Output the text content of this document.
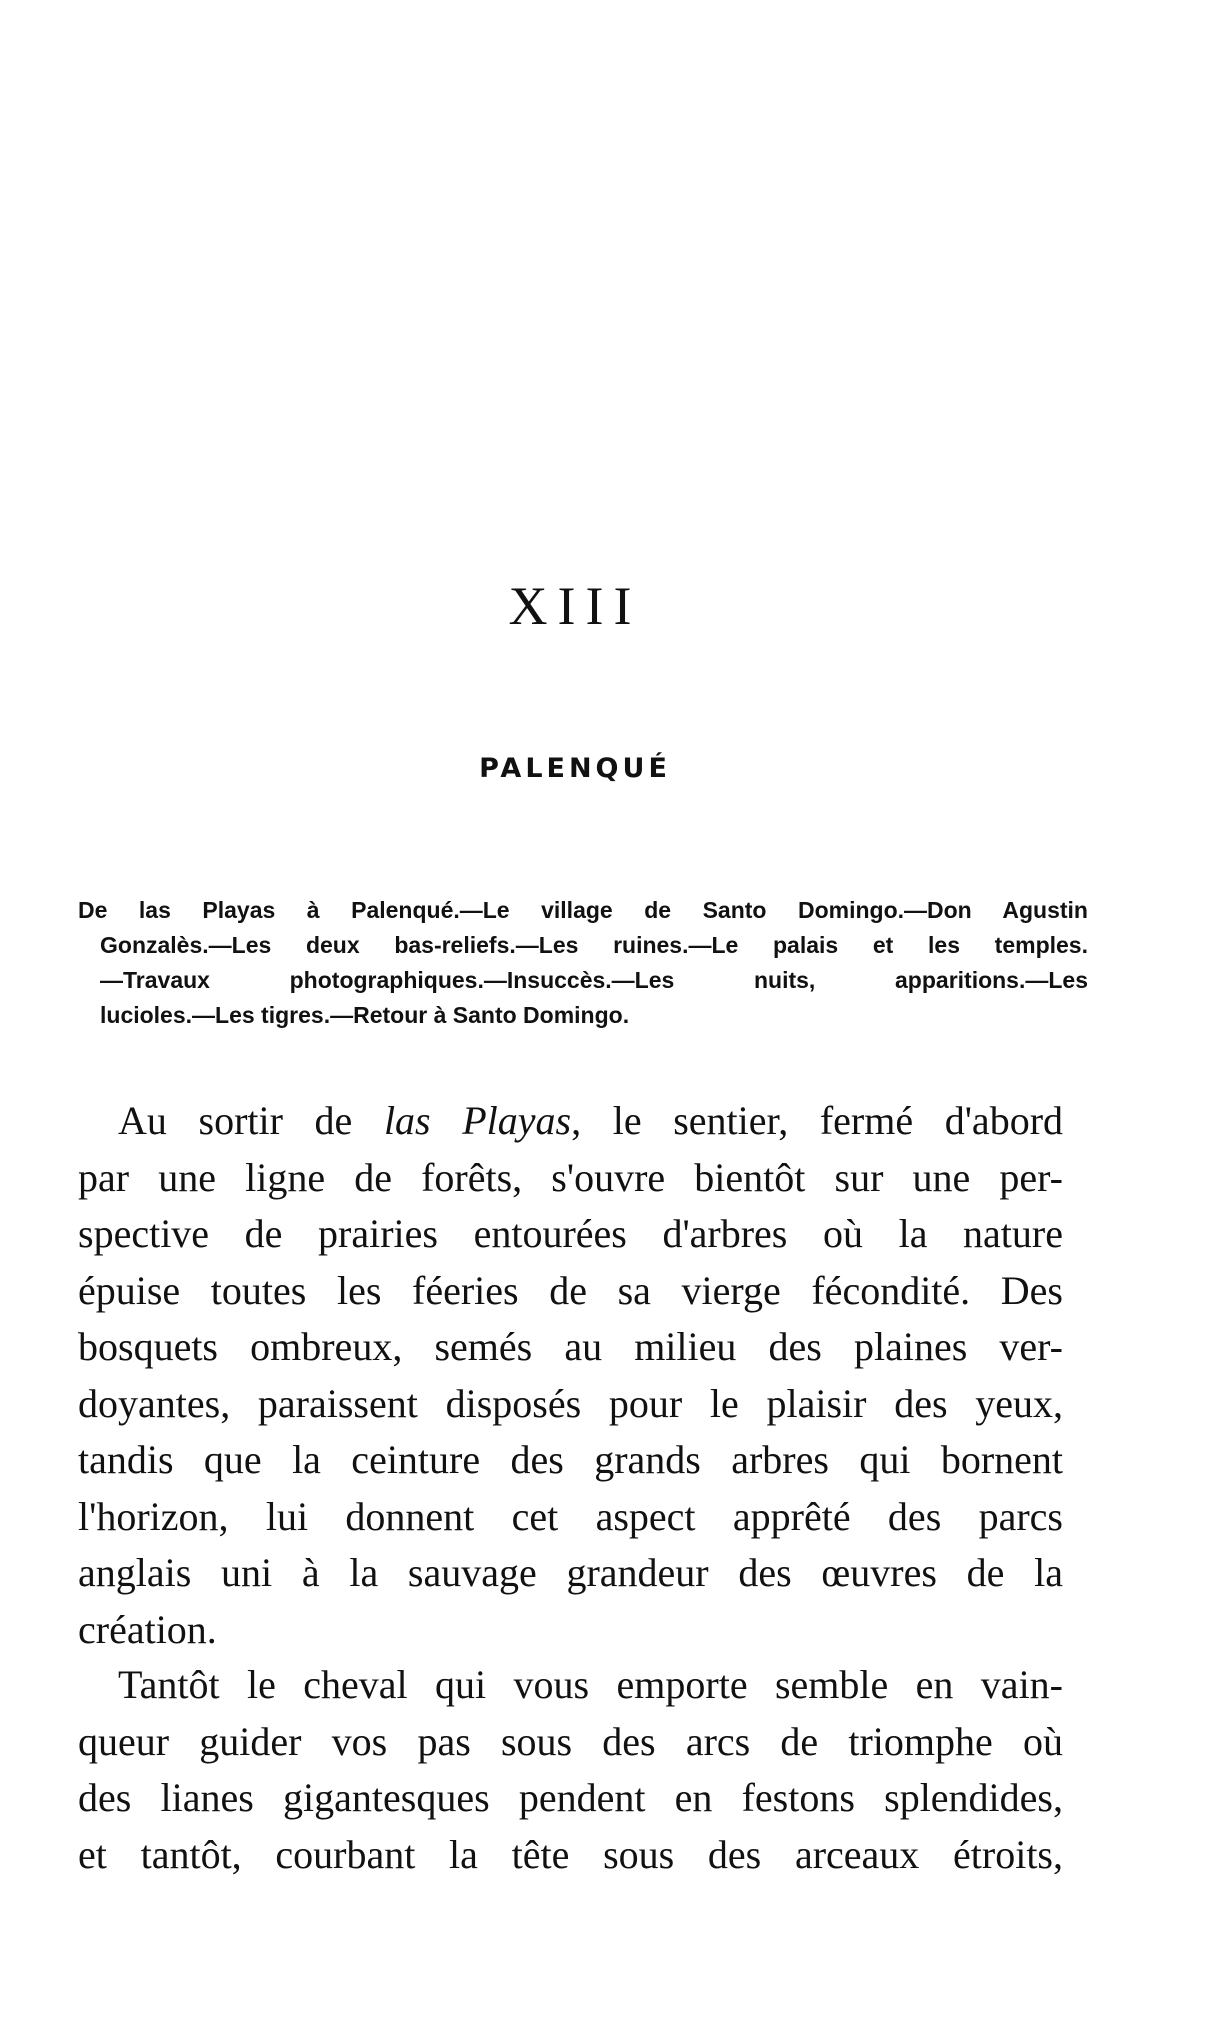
XIII
PALENQUÉ
De las Playas à Palenqué.—Le village de Santo Domingo.—Don Agustin
Gonzalès.—Les deux bas-reliefs.—Les ruines.—Le palais et les temples.
—Travaux photographiques.—Insuccès.—Les nuits, apparitions.—Les
lucioles.—Les tigres.—Retour à Santo Domingo.
Au sortir de las Playas, le sentier, fermé d'abord
par une ligne de forêts, s'ouvre bientôt sur une per-
spective de prairies entourées d'arbres où la nature
épuise toutes les féeries de sa vierge fécondité. Des
bosquets ombreux, semés au milieu des plaines ver-
doyantes, paraissent disposés pour le plaisir des yeux,
tandis que la ceinture des grands arbres qui bornent
l'horizon, lui donnent cet aspect apprêté des parcs
anglais uni à la sauvage grandeur des œuvres de la
création.
Tantôt le cheval qui vous emporte semble en vain-
queur guider vos pas sous des arcs de triomphe où
des lianes gigantesques pendent en festons splendides,
et tantôt, courbant la tête sous des arceaux étroits,
